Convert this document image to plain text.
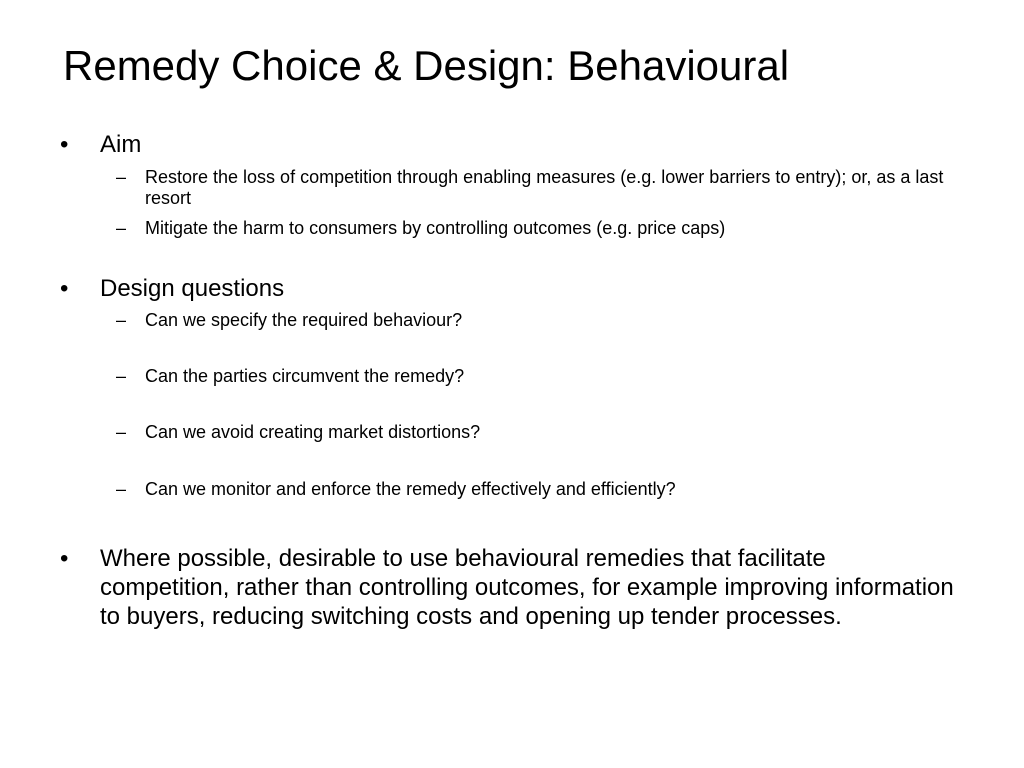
Remedy Choice & Design: Behavioural
• Aim
– Restore the loss of competition through enabling measures (e.g. lower barriers to entry); or, as a last resort
– Mitigate the harm to consumers by controlling outcomes (e.g. price caps)
• Design questions
– Can we specify the required behaviour?
– Can the parties circumvent the remedy?
– Can we avoid creating market distortions?
– Can we monitor and enforce the remedy effectively and efficiently?
• Where possible, desirable to use behavioural remedies that facilitate competition, rather than controlling outcomes, for example improving information to buyers, reducing switching costs and opening up tender processes.
